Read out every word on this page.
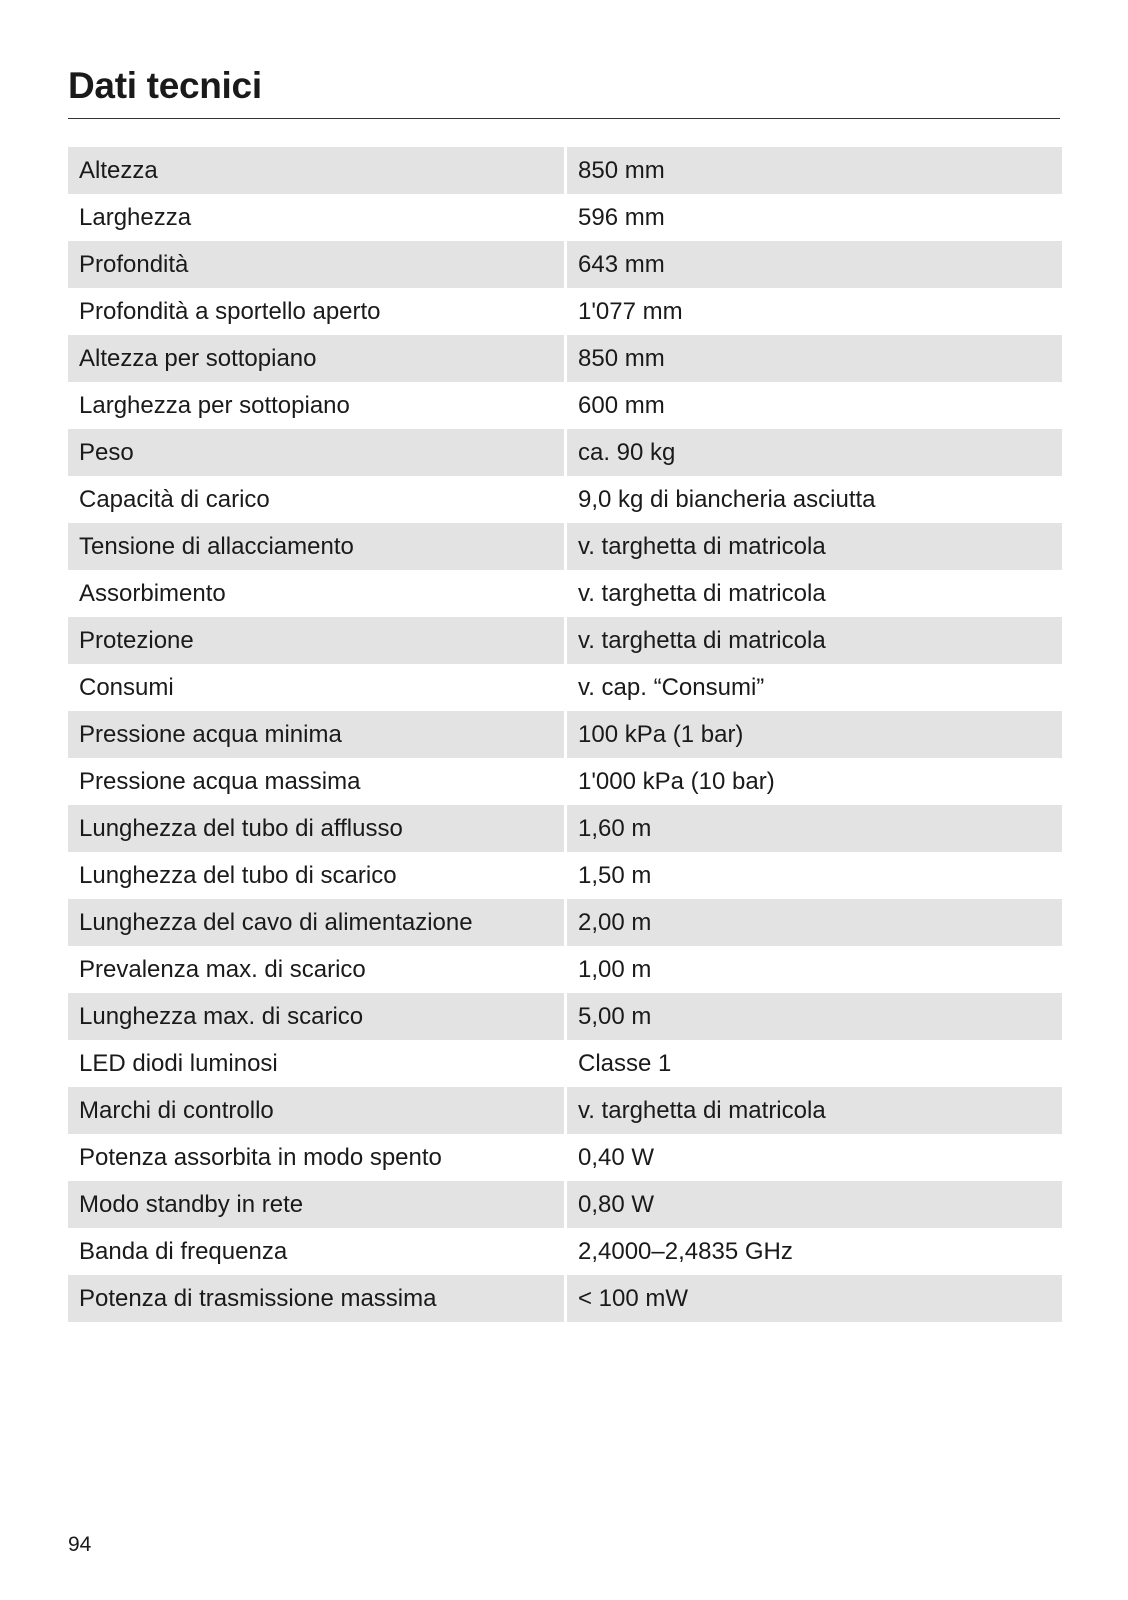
Dati tecnici
Altezza	850 mm
Larghezza	596 mm
Profondità	643 mm
Profondità a sportello aperto	1'077 mm
Altezza per sottopiano	850 mm
Larghezza per sottopiano	600 mm
Peso	ca. 90 kg
Capacità di carico	9,0 kg di biancheria asciutta
Tensione di allacciamento	v. targhetta di matricola
Assorbimento	v. targhetta di matricola
Protezione	v. targhetta di matricola
Consumi	v. cap. “Consumi”
Pressione acqua minima	100 kPa (1 bar)
Pressione acqua massima	1'000 kPa (10 bar)
Lunghezza del tubo di afflusso	1,60 m
Lunghezza del tubo di scarico	1,50 m
Lunghezza del cavo di alimentazione	2,00 m
Prevalenza max. di scarico	1,00 m
Lunghezza max. di scarico	5,00 m
LED diodi luminosi	Classe 1
Marchi di controllo	v. targhetta di matricola
Potenza assorbita in modo spento	0,40 W
Modo standby in rete	0,80 W
Banda di frequenza	2,4000–2,4835 GHz
Potenza di trasmissione massima	< 100 mW
94
